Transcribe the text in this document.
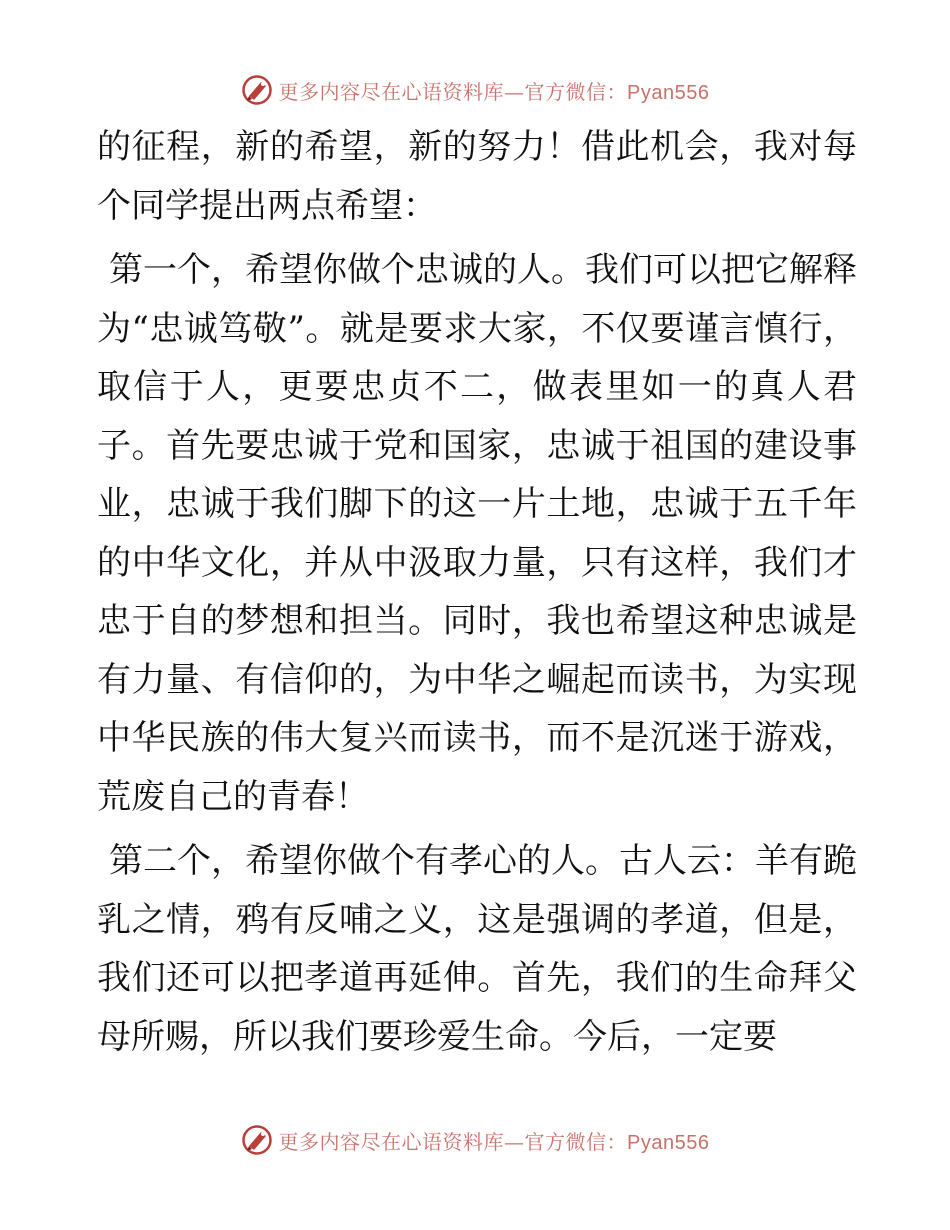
更多内容尽在心语资料库—官方微信：Pyan556

的征程，新的希望，新的努力！借此机会，我对每个同学提出两点希望：

第一个，希望你做个忠诚的人。我们可以把它解释为“忠诚笃敬”。就是要求大家，不仅要谨言慎行，取信于人，更要忠贞不二，做表里如一的真人君子。首先要忠诚于党和国家，忠诚于祖国的建设事业，忠诚于我们脚下的这一片土地，忠诚于五千年的中华文化，并从中汲取力量，只有这样，我们才忠于自的梦想和担当。同时，我也希望这种忠诚是有力量、有信仰的，为中华之崛起而读书，为实现中华民族的伟大复兴而读书，而不是沉迷于游戏，荒废自己的青春！

第二个，希望你做个有孝心的人。古人云：羊有跪乳之情，鸦有反哺之义，这是强调的孝道，但是，我们还可以把孝道再延伸。首先，我们的生命拜父母所赐，所以我们要珍爱生命。今后，一定要

更多内容尽在心语资料库—官方微信：Pyan556
